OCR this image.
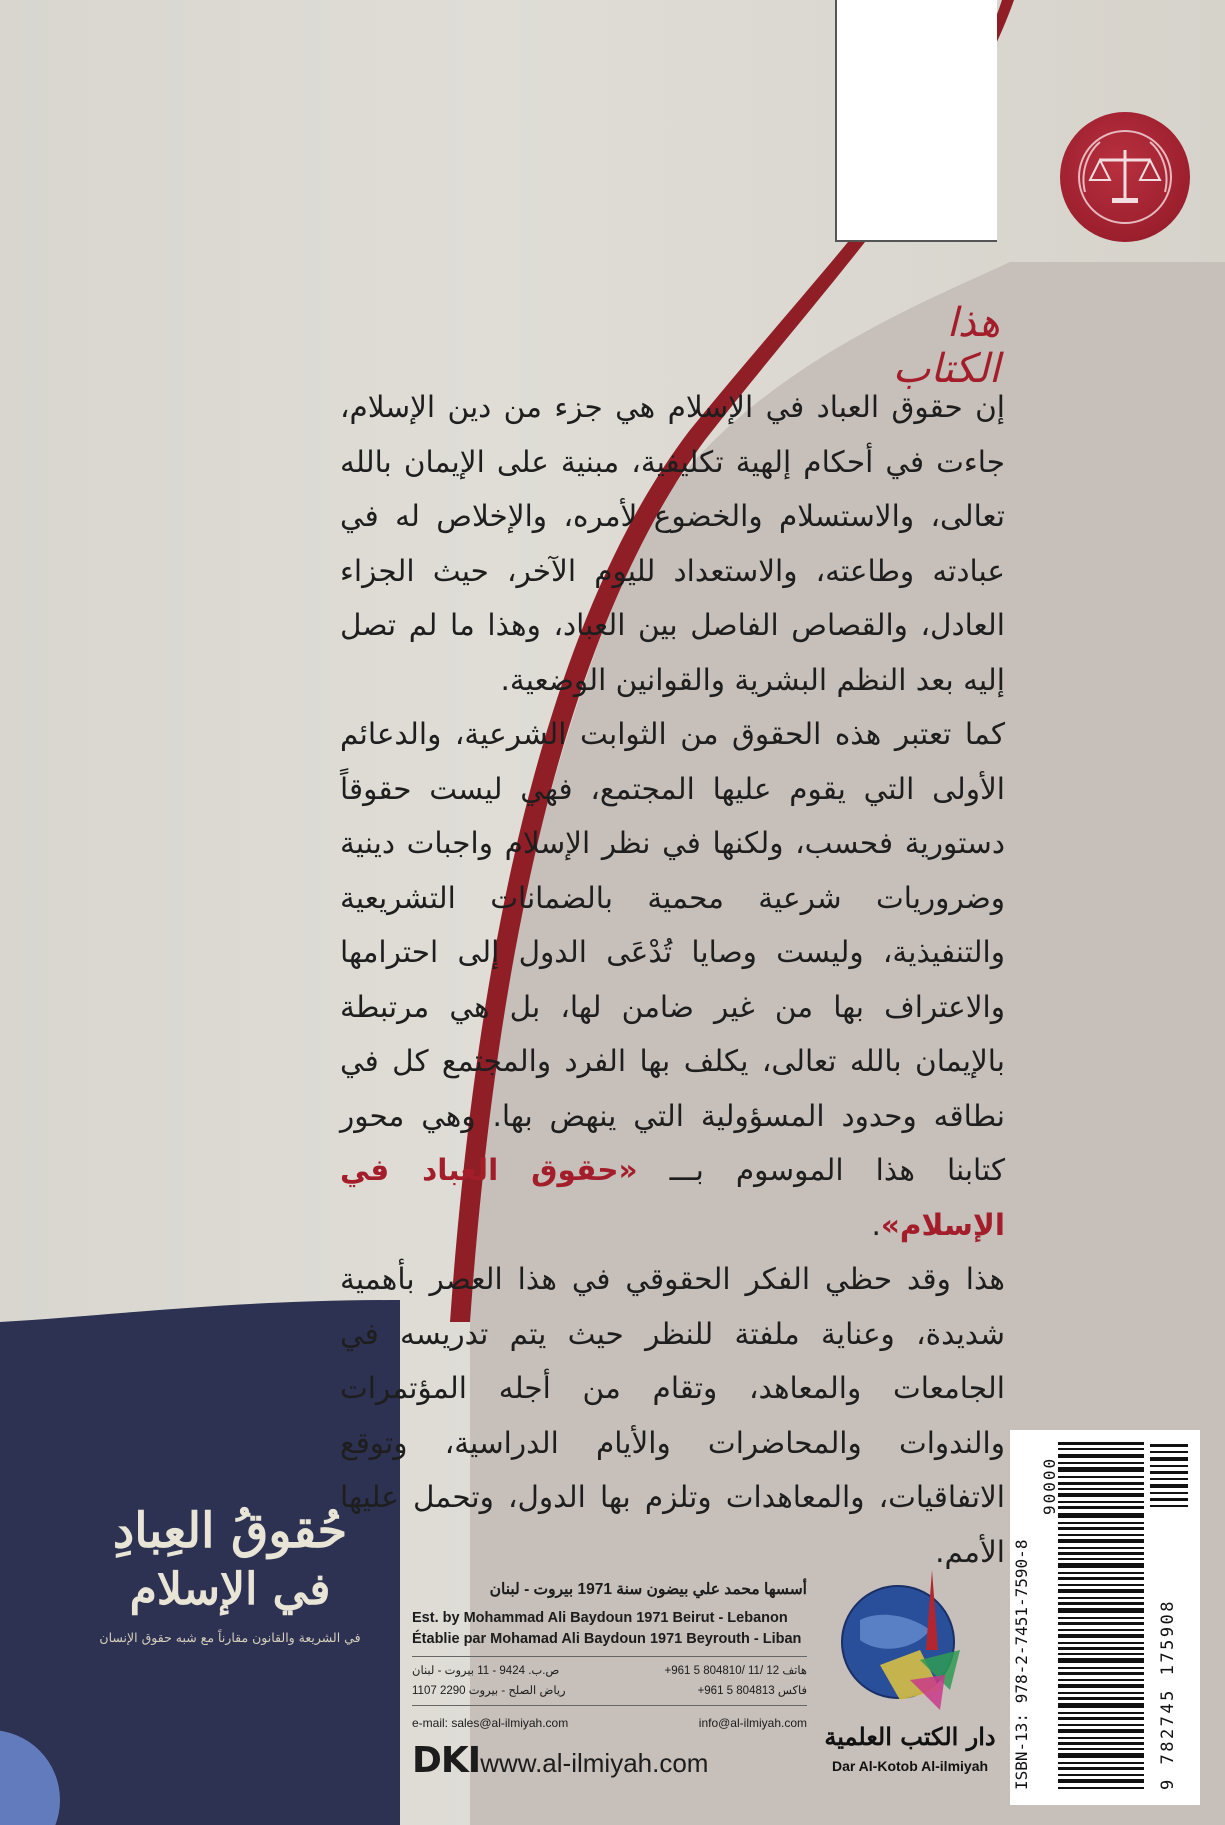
هذا الكتاب

إن حقوق العباد في الإسلام هي جزء من دين الإسلام، جاءت في أحكام إلهية تكليفية، مبنية على الإيمان بالله تعالى، والاستسلام والخضوع لأمره، والإخلاص له في عبادته وطاعته، والاستعداد لليوم الآخر، حيث الجزاء العادل، والقصاص الفاصل بين العباد، وهذا ما لم تصل إليه بعد النظم البشرية والقوانين الوضعية.

كما تعتبر هذه الحقوق من الثوابت الشرعية، والدعائم الأولى التي يقوم عليها المجتمع، فهي ليست حقوقاً دستورية فحسب، ولكنها في نظر الإسلام واجبات دينية وضروريات شرعية محمية بالضمانات التشريعية والتنفيذية، وليست وصايا تُدْعَى الدول إلى احترامها والاعتراف بها من غير ضامن لها، بل هي مرتبطة بالإيمان بالله تعالى، يكلف بها الفرد والمجتمع كل في نطاقه وحدود المسؤولية التي ينهض بها. وهي محور كتابنا هذا الموسوم بـــ «حقوق العباد في الإسلام».

هذا وقد حظي الفكر الحقوقي في هذا العصر بأهمية شديدة، وعناية ملفتة للنظر حيث يتم تدريسه في الجامعات والمعاهد، وتقام من أجله المؤتمرات والندوات والمحاضرات والأيام الدراسية، وتوقع الاتفاقيات، والمعاهدات وتلزم بها الدول، وتحمل عليها الأمم.

حُقوقُ العِبادِ
في الإسلام
في الشريعة والقانون مقارناً مع شبه حقوق الإنسان
أسسها محمد علي بيضون سنة 1971 بيروت - لبنان
Est. by Mohammad Ali Baydoun 1971 Beirut - Lebanon
Établie par Mohamad Ali Baydoun 1971 Beyrouth - Liban
ص.ب. 9424 - 11 بيروت - لبنان
رياض الصلح - بيروت 2290 1107
هاتف 12 /11 /804810 5 961+
فاكس 804813 5 961+
e-mail: sales@al-ilmiyah.com	info@al-ilmiyah.com
DKIwww.al-ilmiyah.com
دار الكتب العلمية
Dar Al-Kotob Al-ilmiyah	ISBN-13: 978-2-7451-7590-8	9 782745 175908
90000
